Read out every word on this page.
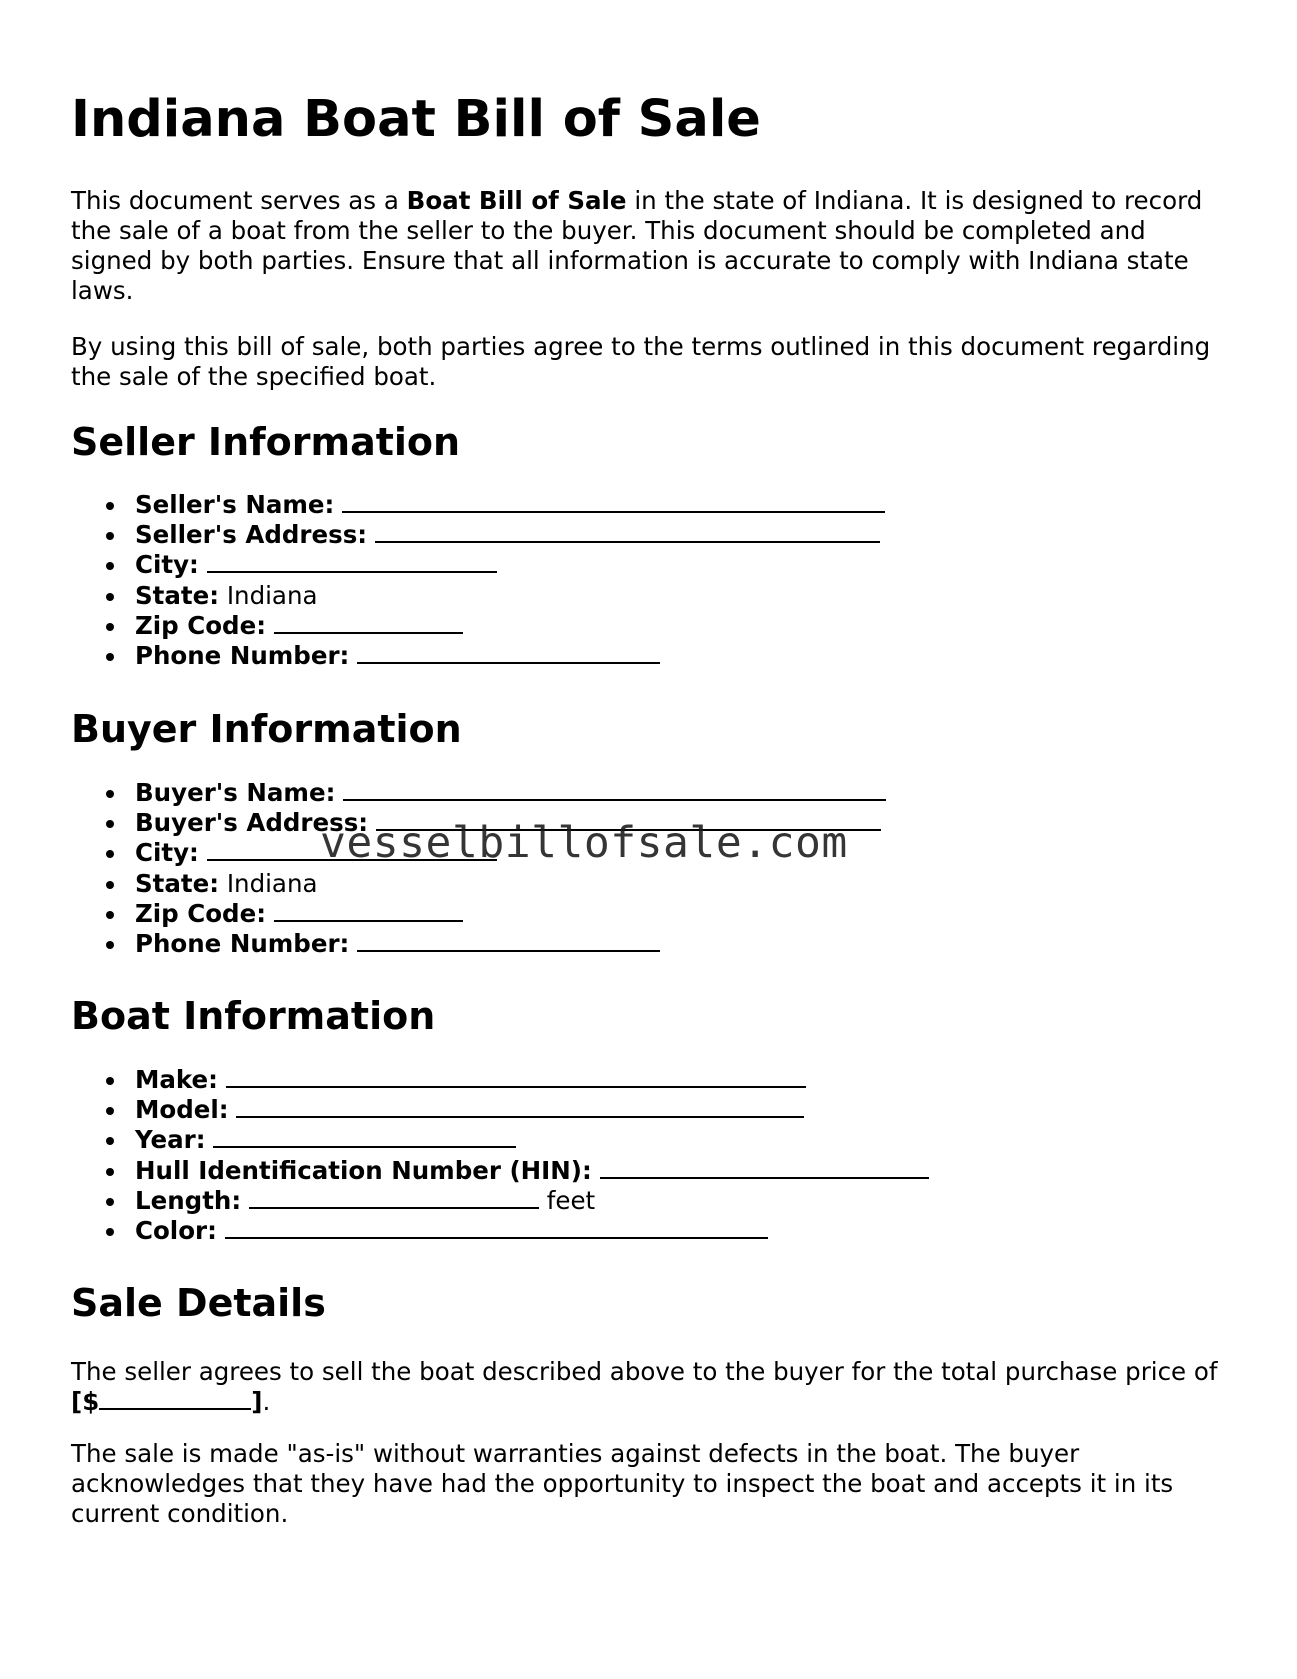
Indiana Boat Bill of Sale

This document serves as a Boat Bill of Sale in the state of Indiana. It is designed to record the sale of a boat from the seller to the buyer. This document should be completed and signed by both parties. Ensure that all information is accurate to comply with Indiana state laws.

By using this bill of sale, both parties agree to the terms outlined in this document regarding the sale of the specified boat.

Seller Information
Seller's Name:
Seller's Address:
City:
State: Indiana
Zip Code:
Phone Number:
Buyer Information
Buyer's Name:
Buyer's Address:
City:
State: Indiana
Zip Code:
Phone Number:
Boat Information
Make:
Model:
Year:
Hull Identification Number (HIN):
Length:	feet
Color:
Sale Details

The seller agrees to sell the boat described above to the buyer for the total purchase price of [$	].

The sale is made "as-is" without warranties against defects in the boat. The buyer acknowledges that they have had the opportunity to inspect the boat and accepts it in its current condition.

vesselbillofsale.com
